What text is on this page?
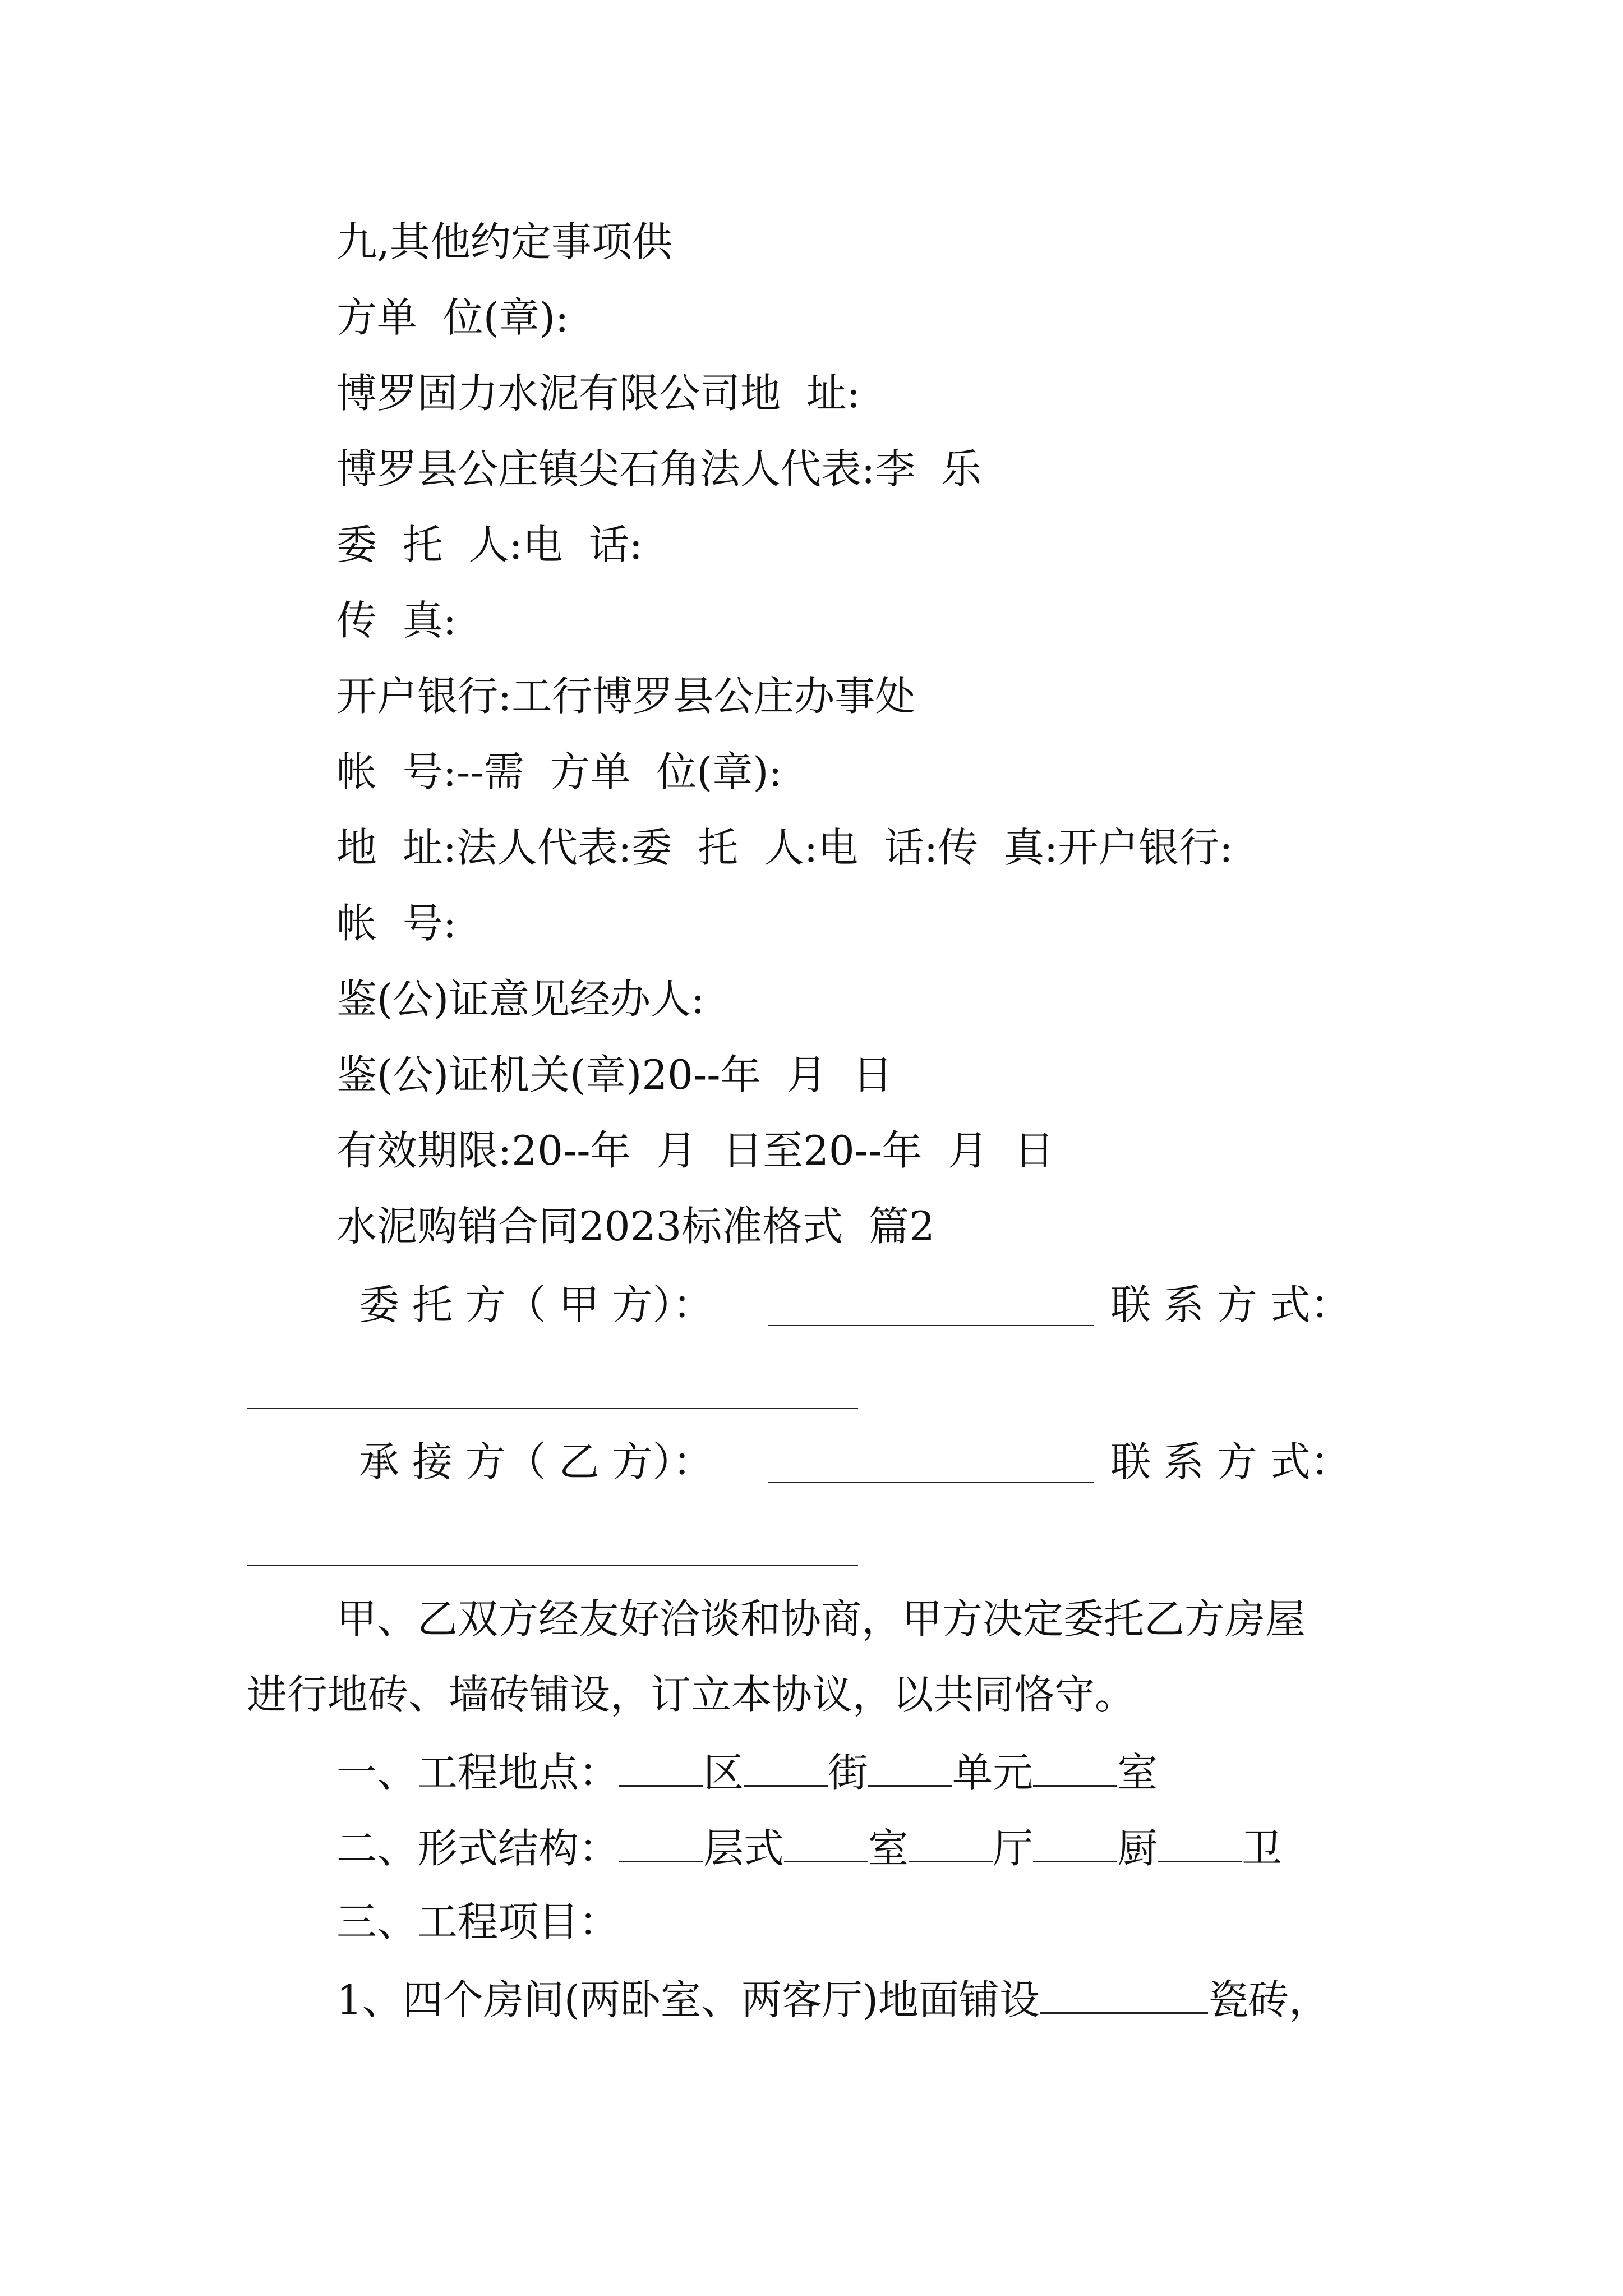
九,其他约定事项供
方单  位(章):
博罗固力水泥有限公司地  址:
博罗县公庄镇尖石角法人代表:李  乐
委  托  人:电  话:
传  真:
开户银行:工行博罗县公庄办事处
帐  号:--需  方单  位(章):
地  址:法人代表:委  托  人:电  话:传  真:开户银行:
帐  号:
鉴(公)证意见经办人:
鉴(公)证机关(章)20--年  月  日
有效期限:20--年  月  日至20--年  月  日
水泥购销合同2023标准格式  篇2
委 托 方（ 甲 方）：	联 系 方 式：
承 接 方（ 乙 方）：	联 系 方 式：
甲、乙双方经友好洽谈和协商，甲方决定委托乙方房屋
进行地砖、墙砖铺设，订立本协议，以共同恪守。
一、工程地点： 区 街 单元 室
二、形式结构： 层式 室 厅 厨 卫
三、工程项目：
1、四个房间(两卧室、两客厅)地面铺设	瓷砖，
